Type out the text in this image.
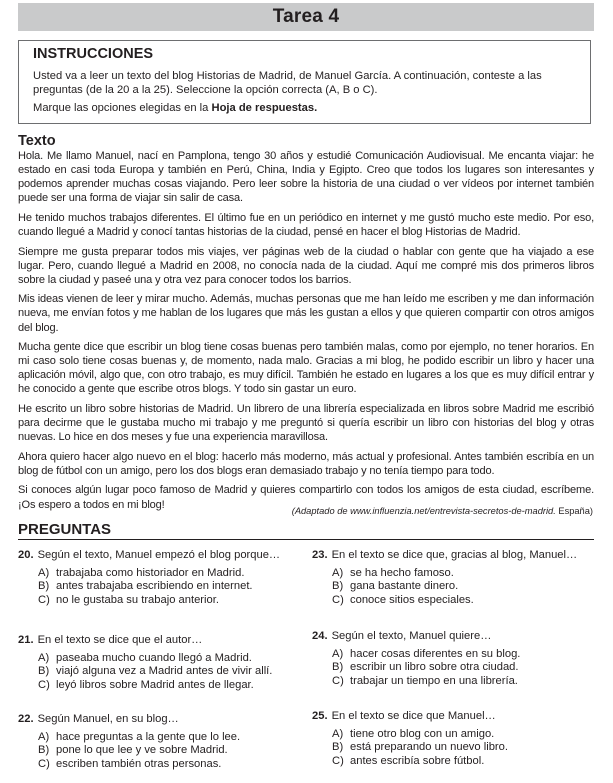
Tarea 4
INSTRUCCIONES

Usted va a leer un texto del blog Historias de Madrid, de Manuel García. A continuación, conteste a las preguntas (de la 20 a la 25). Seleccione la opción correcta (A, B o C).

Marque las opciones elegidas en la Hoja de respuestas.

Texto

Hola. Me llamo Manuel, nací en Pamplona, tengo 30 años y estudié Comunicación Audiovisual. Me encanta viajar: he estado en casi toda Europa y también en Perú, China, India y Egipto. Creo que todos los lugares son interesantes y podemos aprender muchas cosas viajando. Pero leer sobre la historia de una ciudad o ver vídeos por internet también puede ser una forma de viajar sin salir de casa.

He tenido muchos trabajos diferentes. El último fue en un periódico en internet y me gustó mucho este medio. Por eso, cuando llegué a Madrid y conocí tantas historias de la ciudad, pensé en hacer el blog Historias de Madrid.

Siempre me gusta preparar todos mis viajes, ver páginas web de la ciudad o hablar con gente que ha viajado a ese lugar. Pero, cuando llegué a Madrid en 2008, no conocía nada de la ciudad. Aquí me compré mis dos primeros libros sobre la ciudad y paseé una y otra vez para conocer todos los barrios.

Mis ideas vienen de leer y mirar mucho. Además, muchas personas que me han leído me escriben y me dan información nueva, me envían fotos y me hablan de los lugares que más les gustan a ellos y que quieren compartir con otros amigos del blog.

Mucha gente dice que escribir un blog tiene cosas buenas pero también malas, como por ejemplo, no tener horarios. En mi caso solo tiene cosas buenas y, de momento, nada malo. Gracias a mi blog, he podido escribir un libro y hacer una aplicación móvil, algo que, con otro trabajo, es muy difícil. También he estado en lugares a los que es muy difícil entrar y he conocido a gente que escribe otros blogs. Y todo sin gastar un euro.

He escrito un libro sobre historias de Madrid. Un librero de una librería especializada en libros sobre Madrid me escribió para decirme que le gustaba mucho mi trabajo y me preguntó si quería escribir un libro con historias del blog y otras nuevas. Lo hice en dos meses y fue una experiencia maravillosa.

Ahora quiero hacer algo nuevo en el blog: hacerlo más moderno, más actual y profesional. Antes también escribía en un blog de fútbol con un amigo, pero los dos blogs eran demasiado trabajo y no tenía tiempo para todo.

Si conoces algún lugar poco famoso de Madrid y quieres compartirlo con todos los amigos de esta ciudad, escríbeme. ¡Os espero a todos en mi blog!

(Adaptado de www.influenzia.net/entrevista-secretos-de-madrid. España)
PREGUNTAS
20. Según el texto, Manuel empezó el blog porque…
A) trabajaba como historiador en Madrid.
B) antes trabajaba escribiendo en internet.
C) no le gustaba su trabajo anterior.
21. En el texto se dice que el autor…
A) paseaba mucho cuando llegó a Madrid.
B) viajó alguna vez a Madrid antes de vivir allí.
C) leyó libros sobre Madrid antes de llegar.
22. Según Manuel, en su blog…
A) hace preguntas a la gente que lo lee.
B) pone lo que lee y ve sobre Madrid.
C) escriben también otras personas.
23. En el texto se dice que, gracias al blog, Manuel…
A) se ha hecho famoso.
B) gana bastante dinero.
C) conoce sitios especiales.
24. Según el texto, Manuel quiere…
A) hacer cosas diferentes en su blog.
B) escribir un libro sobre otra ciudad.
C) trabajar un tiempo en una librería.
25. En el texto se dice que Manuel…
A) tiene otro blog con un amigo.
B) está preparando un nuevo libro.
C) antes escribía sobre fútbol.
